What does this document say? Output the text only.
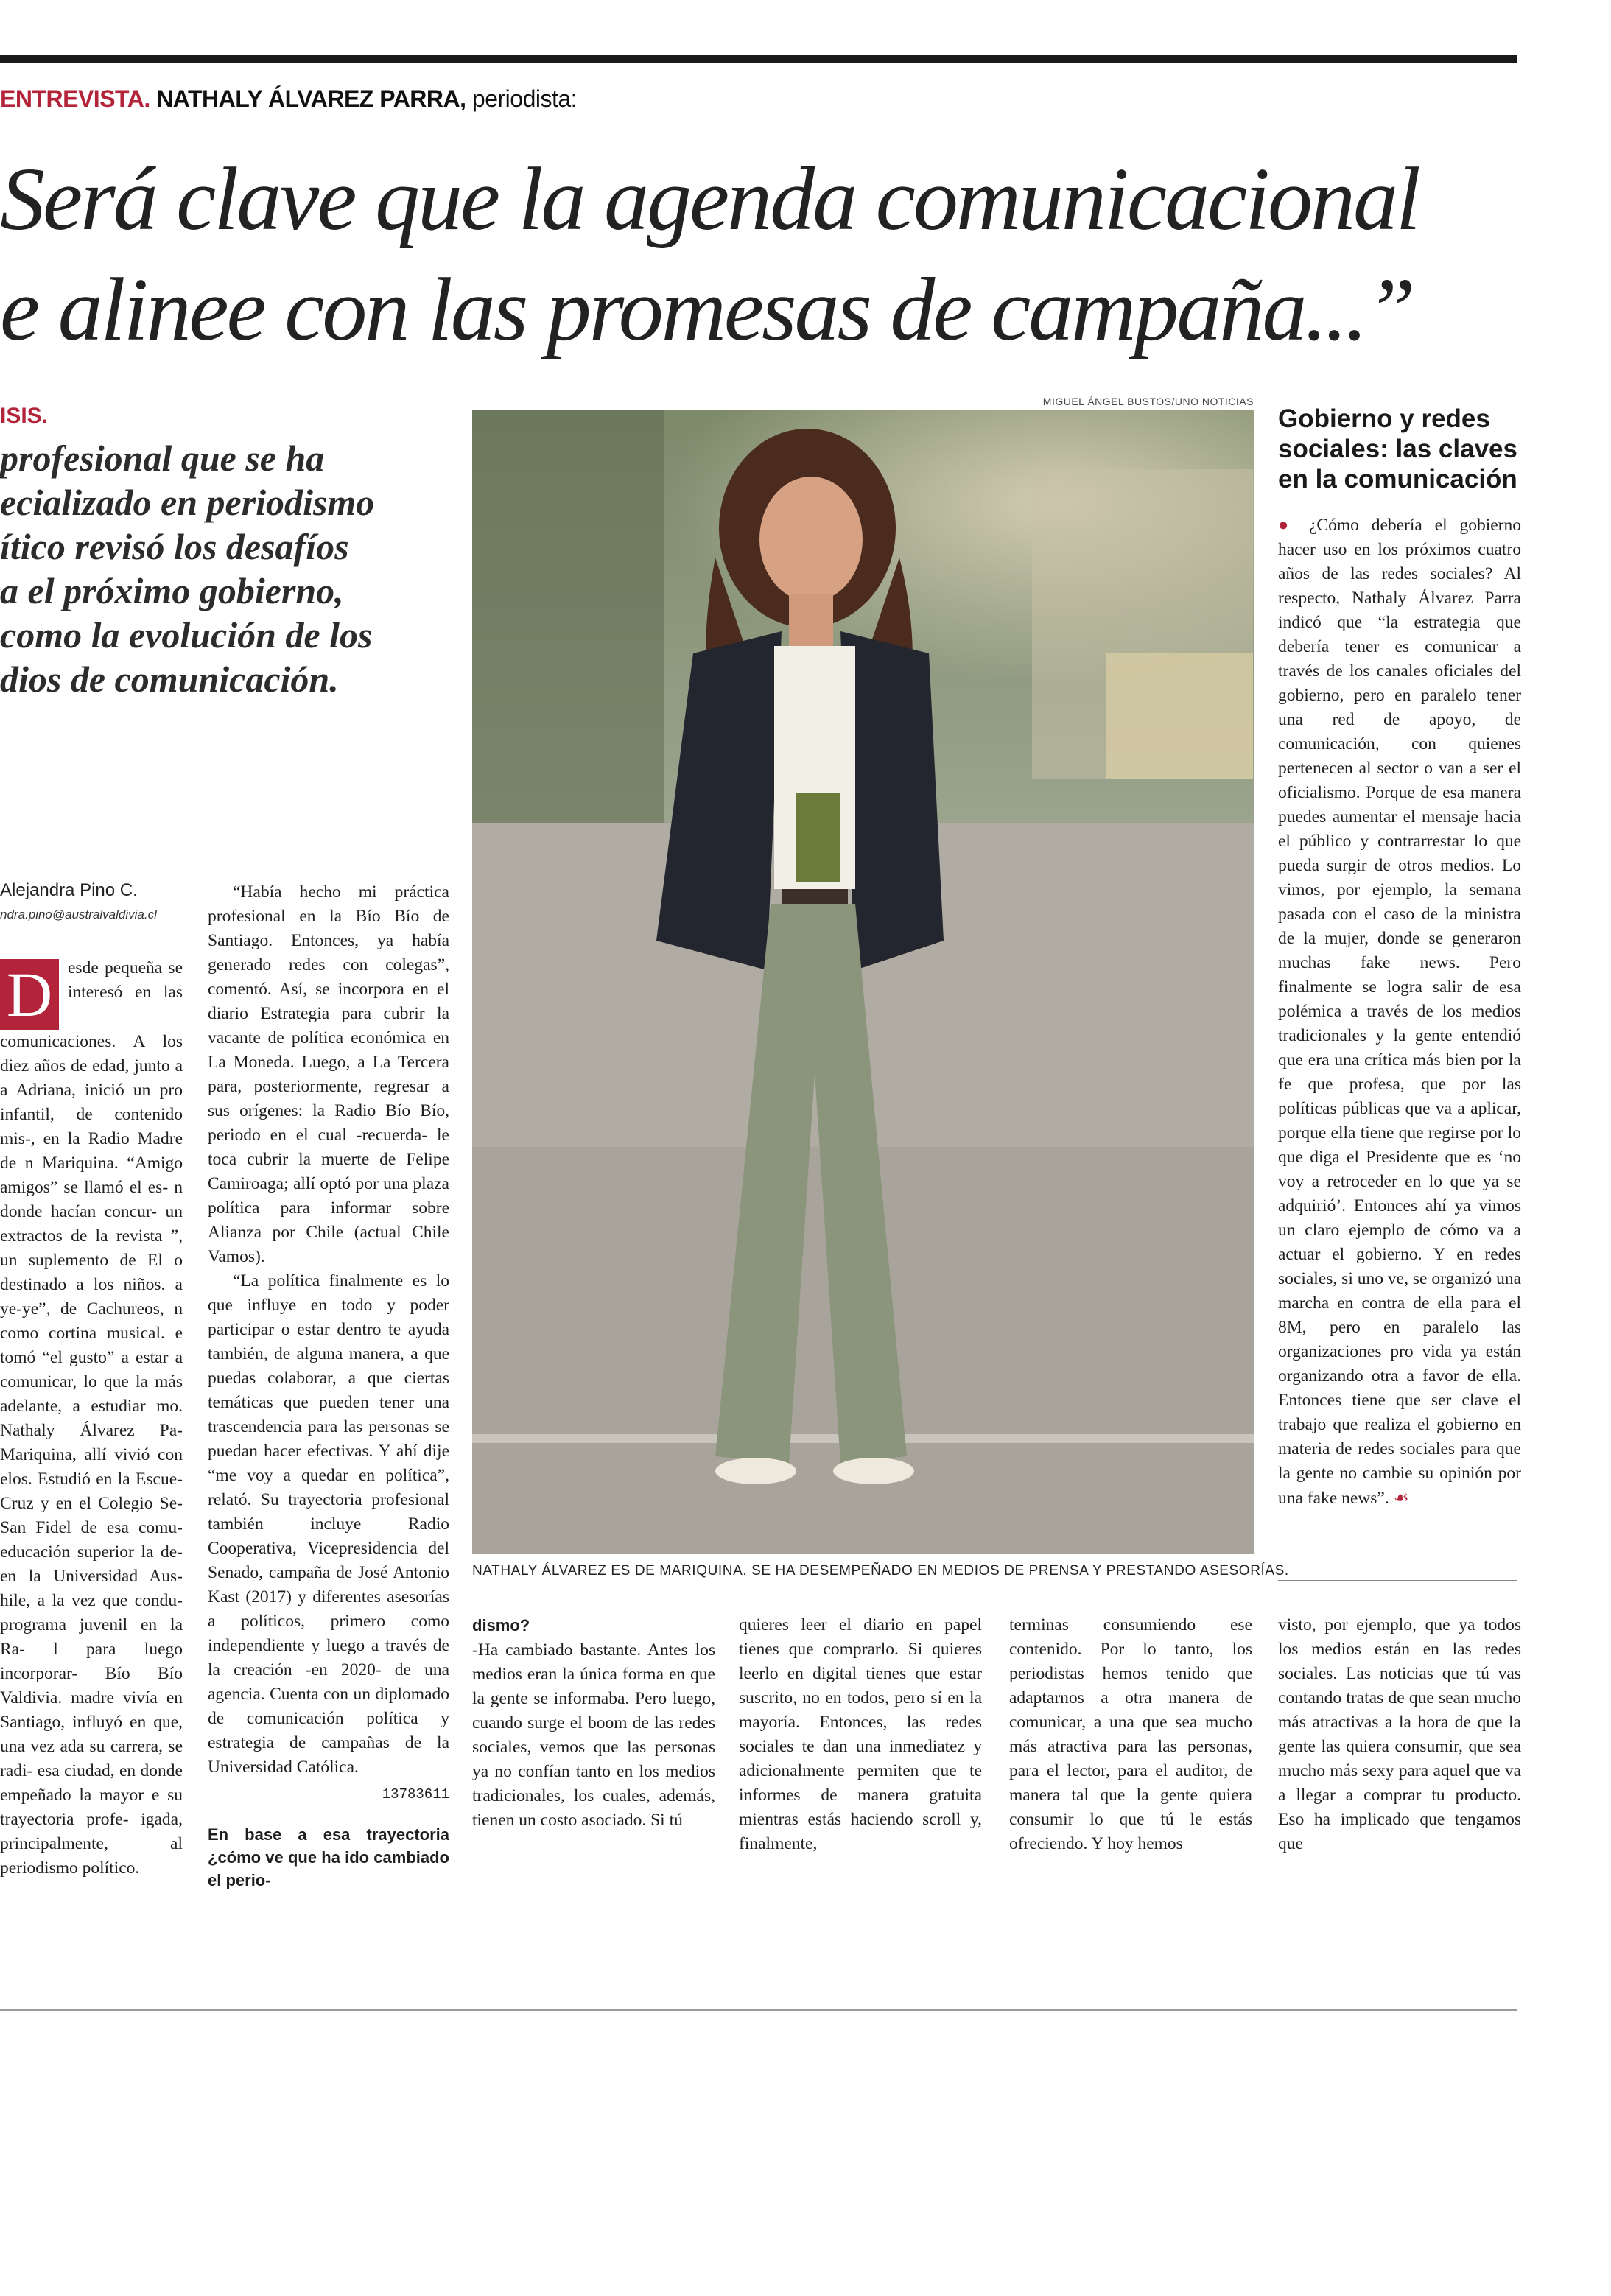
ENTREVISTA. NATHALY ÁLVAREZ PARRA, periodista:
Será clave que la agenda comunicacional
e alinee con las promesas de campaña...”
ISIS.
profesional que se ha
ecializado en periodismo
ítico revisó los desafíos
a el próximo gobierno,
como la evolución de los
dios de comunicación.
Alejandra Pino C.
ndra.pino@australvaldivia.cl

D esde pequeña se interesó en las comunicaciones. A los diez años de edad, junto a a Adriana, inició un pro infantil, de contenido mis-, en la Radio Madre de n Mariquina. “Amigo amigos” se llamó el es- n donde hacían concur- un extractos de la revista ”, un suplemento de El o destinado a los niños. a ye-ye”, de Cachureos, n como cortina musical. e tomó “el gusto” a estar a comunicar, lo que la más adelante, a estudiar mo. Nathaly Álvarez Pa- Mariquina, allí vivió con elos. Estudió en la Escue- Cruz y en el Colegio Se- San Fidel de esa comu- educación superior la de- en la Universidad Aus- hile, a la vez que condu- programa juvenil en la Ra- l para luego incorporar- Bío Bío Valdivia. madre vivía en Santiago, influyó en que, una vez ada su carrera, se radi- esa ciudad, en donde empeñado la mayor e su trayectoria profe- igada, principalmente, al periodismo político.

“Había hecho mi práctica profesional en la Bío Bío de Santiago. Entonces, ya había generado redes con colegas”, comentó. Así, se incorpora en el diario Estrategia para cubrir la vacante de política económica en La Moneda. Luego, a La Tercera para, posteriormente, regresar a sus orígenes: la Radio Bío Bío, periodo en el cual -recuerda- le toca cubrir la muerte de Felipe Camiroaga; allí optó por una plaza política para informar sobre Alianza por Chile (actual Chile Vamos).

“La política finalmente es lo que influye en todo y poder participar o estar dentro te ayuda también, de alguna manera, a que puedas colaborar, a que ciertas temáticas que pueden tener una trascendencia para las personas se puedan hacer efectivas. Y ahí dije “me voy a quedar en política”, relató. Su trayectoria profesional también incluye Radio Cooperativa, Vicepresidencia del Senado, campaña de José Antonio Kast (2017) y diferentes asesorías a políticos, primero como independiente y luego a través de la creación -en 2020- de una agencia. Cuenta con un diplomado de comunicación política y estrategia de campañas de la Universidad Católica.

13783611

En base a esa trayectoria ¿cómo ve que ha ido cambiado el perio-

MIGUEL ÁNGEL BUSTOS/UNO NOTICIAS
NATHALY ÁLVAREZ ES DE MARIQUINA. SE HA DESEMPEÑADO EN MEDIOS DE PRENSA Y PRESTANDO ASESORÍAS.
Gobierno y redes sociales: las claves en la comunicación

● ¿Cómo debería el gobierno hacer uso en los próximos cuatro años de las redes sociales? Al respecto, Nathaly Álvarez Parra indicó que “la estrategia que debería tener es comunicar a través de los canales oficiales del gobierno, pero en paralelo tener una red de apoyo, de comunicación, con quienes pertenecen al sector o van a ser el oficialismo. Porque de esa manera puedes aumentar el mensaje hacia el público y contrarrestar lo que pueda surgir de otros medios. Lo vimos, por ejemplo, la semana pasada con el caso de la ministra de la mujer, donde se generaron muchas fake news. Pero finalmente se logra salir de esa polémica a través de los medios tradicionales y la gente entendió que era una crítica más bien por la fe que profesa, que por las políticas públicas que va a aplicar, porque ella tiene que regirse por lo que diga el Presidente que es ‘no voy a retroceder en lo que ya se adquirió’. Entonces ahí ya vimos un claro ejemplo de cómo va a actuar el gobierno. Y en redes sociales, si uno ve, se organizó una marcha en contra de ella para el 8M, pero en paralelo las organizaciones pro vida ya están organizando otra a favor de ella. Entonces tiene que ser clave el trabajo que realiza el gobierno en materia de redes sociales para que la gente no cambie su opinión por una fake news”. ☙

dismo?
-Ha cambiado bastante. Antes los medios eran la única forma en que la gente se informaba. Pero luego, cuando surge el boom de las redes sociales, vemos que las personas ya no confían tanto en los medios tradicionales, los cuales, además, tienen un costo asociado. Si tú

quieres leer el diario en papel tienes que comprarlo. Si quieres leerlo en digital tienes que estar suscrito, no en todos, pero sí en la mayoría. Entonces, las redes sociales te dan una inmediatez y adicionalmente permiten que te informes de manera gratuita mientras estás haciendo scroll y, finalmente,

terminas consumiendo ese contenido. Por lo tanto, los periodistas hemos tenido que adaptarnos a otra manera de comunicar, a una que sea mucho más atractiva para las personas, para el lector, para el auditor, de manera tal que la gente quiera consumir lo que tú le estás ofreciendo. Y hoy hemos

visto, por ejemplo, que ya todos los medios están en las redes sociales. Las noticias que tú vas contando tratas de que sean mucho más atractivas a la hora de que la gente las quiera consumir, que sea mucho más sexy para aquel que va a llegar a comprar tu producto. Eso ha implicado que tengamos que
